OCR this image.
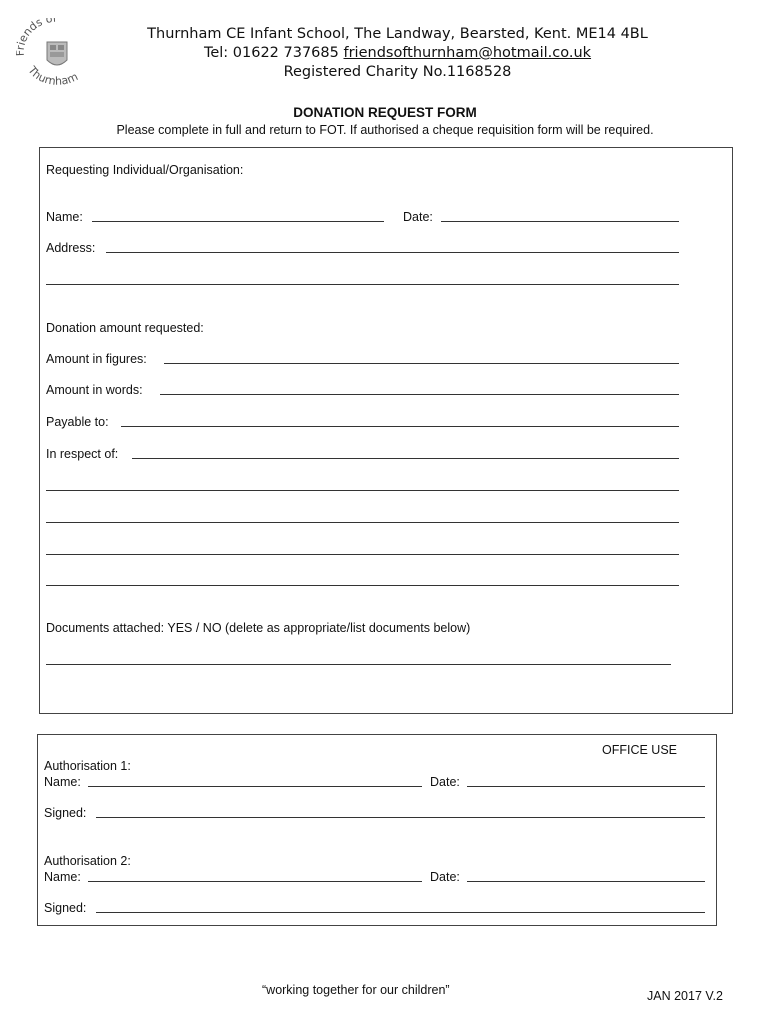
iends of
Thurnham
Thurnham CE Infant School, The Landway, Bearsted, Kent. ME14 4BL
Tel: 01622 737685 friendsofthurnham@hotmail.co.uk
Registered Charity No.1168528
DONATION REQUEST FORM
Please complete in full and return to FOT. If authorised a cheque requisition form will be required.
Requesting Individual/Organisation:
Name:	Date:
Address:
Donation amount requested:
Amount in figures:
Amount in words:
Payable to:
In respect of:
Documents attached: YES / NO (delete as appropriate/list documents below)
OFFICE USE
Authorisation 1:
Name:	Date:
Signed:
Authorisation 2:
Name:	Date:
Signed:
“working together for our children”	JAN 2017 V.2
